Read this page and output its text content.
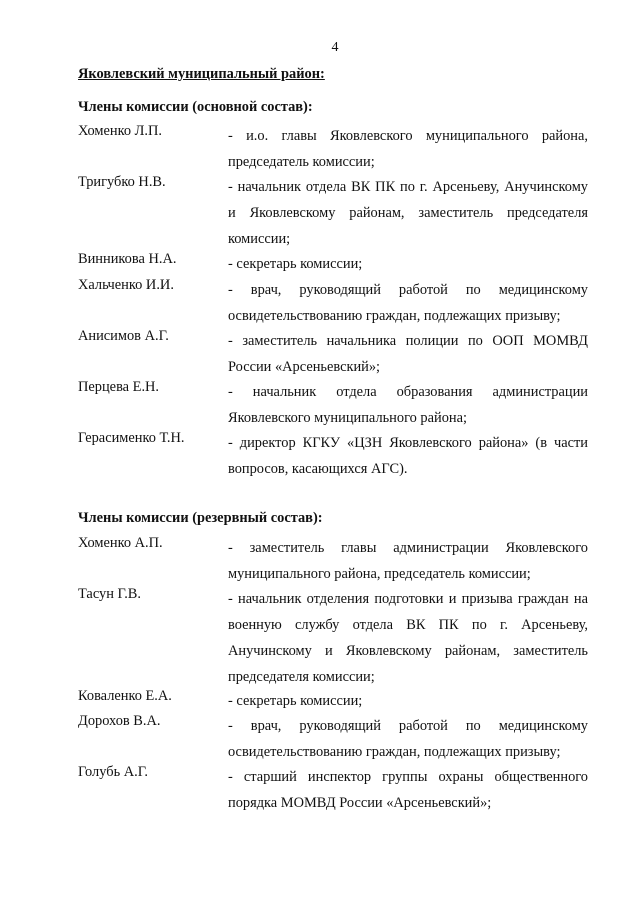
4
Яковлевский муниципальный район:
Члены комиссии (основной состав):
Хоменко Л.П.	- и.о. главы Яковлевского муниципального района, председатель комиссии;
Тригубко Н.В.	- начальник отдела ВК ПК по г. Арсеньеву, Анучинскому и Яковлевскому районам, заместитель председателя комиссии;
Винникова Н.А.	- секретарь комиссии;
Хальченко И.И.	- врач, руководящий работой по медицинскому освидетельствованию граждан, подлежащих призыву;
Анисимов А.Г.	- заместитель начальника полиции по ООП МОМВД России «Арсеньевский»;
Перцева Е.Н.	- начальник отдела образования администрации Яковлевского муниципального района;
Герасименко Т.Н.	- директор КГКУ «ЦЗН Яковлевского района» (в части вопросов, касающихся АГС).
Члены комиссии (резервный состав):
Хоменко А.П.	- заместитель главы администрации Яковлевского муниципального района, председатель комиссии;
Тасун Г.В.	- начальник отделения подготовки и призыва граждан на военную службу отдела ВК ПК по г. Арсеньеву, Анучинскому и Яковлевскому районам, заместитель председателя комиссии;
Коваленко Е.А.	- секретарь комиссии;
Дорохов В.А.	- врач, руководящий работой по медицинскому освидетельствованию граждан, подлежащих призыву;
Голубь А.Г.	- старший инспектор группы охраны общественного порядка МОМВД России «Арсеньевский»;
